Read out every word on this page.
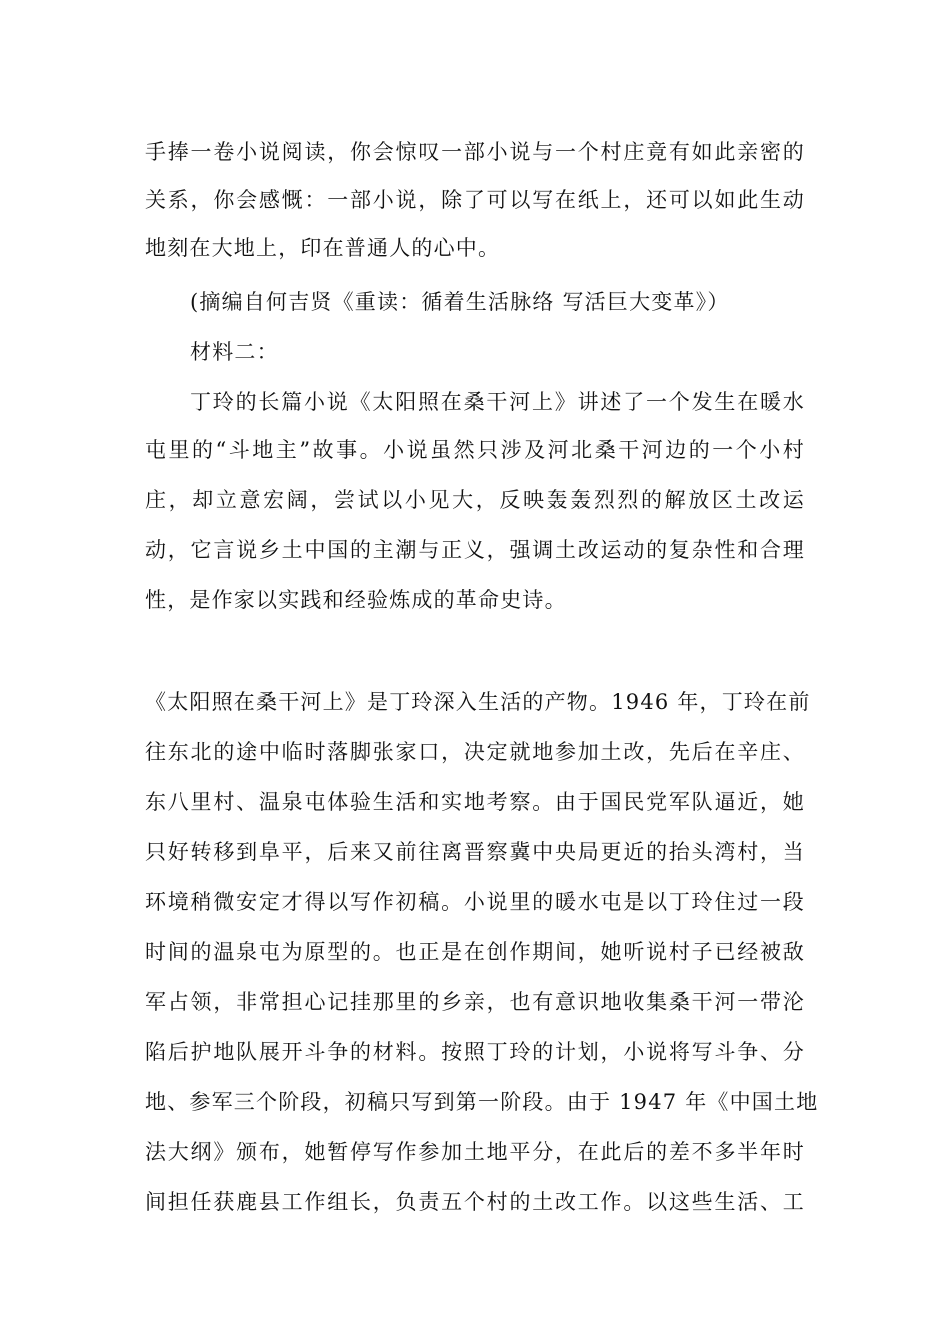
手捧一卷小说阅读，你会惊叹一部小说与一个村庄竟有如此亲密的
关系，你会感慨：一部小说，除了可以写在纸上，还可以如此生动
地刻在大地上，印在普通人的心中。
(摘编自何吉贤《重读：循着生活脉络 写活巨大变革》）
材料二：
丁玲的长篇小说《太阳照在桑干河上》讲述了一个发生在暖水
屯里的“斗地主”故事。小说虽然只涉及河北桑干河边的一个小村
庄，却立意宏阔，尝试以小见大，反映轰轰烈烈的解放区土改运
动，它言说乡土中国的主潮与正义，强调土改运动的复杂性和合理
性，是作家以实践和经验炼成的革命史诗。
《太阳照在桑干河上》是丁玲深入生活的产物。1946 年，丁玲在前
往东北的途中临时落脚张家口，决定就地参加土改，先后在辛庄、
东八里村、温泉屯体验生活和实地考察。由于国民党军队逼近，她
只好转移到阜平，后来又前往离晋察冀中央局更近的抬头湾村，当
环境稍微安定才得以写作初稿。小说里的暖水屯是以丁玲住过一段
时间的温泉屯为原型的。也正是在创作期间，她听说村子已经被敌
军占领，非常担心记挂那里的乡亲，也有意识地收集桑干河一带沦
陷后护地队展开斗争的材料。按照丁玲的计划，小说将写斗争、分
地、参军三个阶段，初稿只写到第一阶段。由于 1947 年《中国土地
法大纲》颁布，她暂停写作参加土地平分，在此后的差不多半年时
间担任获鹿县工作组长，负责五个村的土改工作。以这些生活、工
